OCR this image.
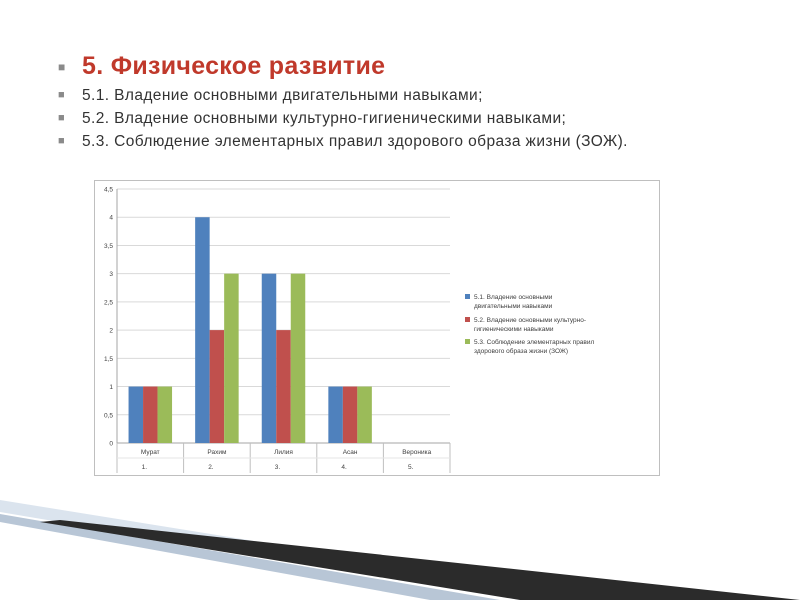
■ 5. Физическое развитие
■ 5.1. Владение основными двигательными навыками;
■ 5.2. Владение основными культурно-гигиеническими навыками;
■ 5.3. Соблюдение элементарных правил здорового образа жизни (ЗОЖ).
0
0,5
1
1,5
2
2,5
3
3,5
4
4,5
Мурат
1.
Рахим
2.
Лилия
3.
Асан
4.
Вероника
5.
5.1. Владение основными
двигательными навыками
5.2. Владение основными культурно-
гигиеническими навыками
5.3. Соблюдение элементарных правил
здорового образа жизни (ЗОЖ)
